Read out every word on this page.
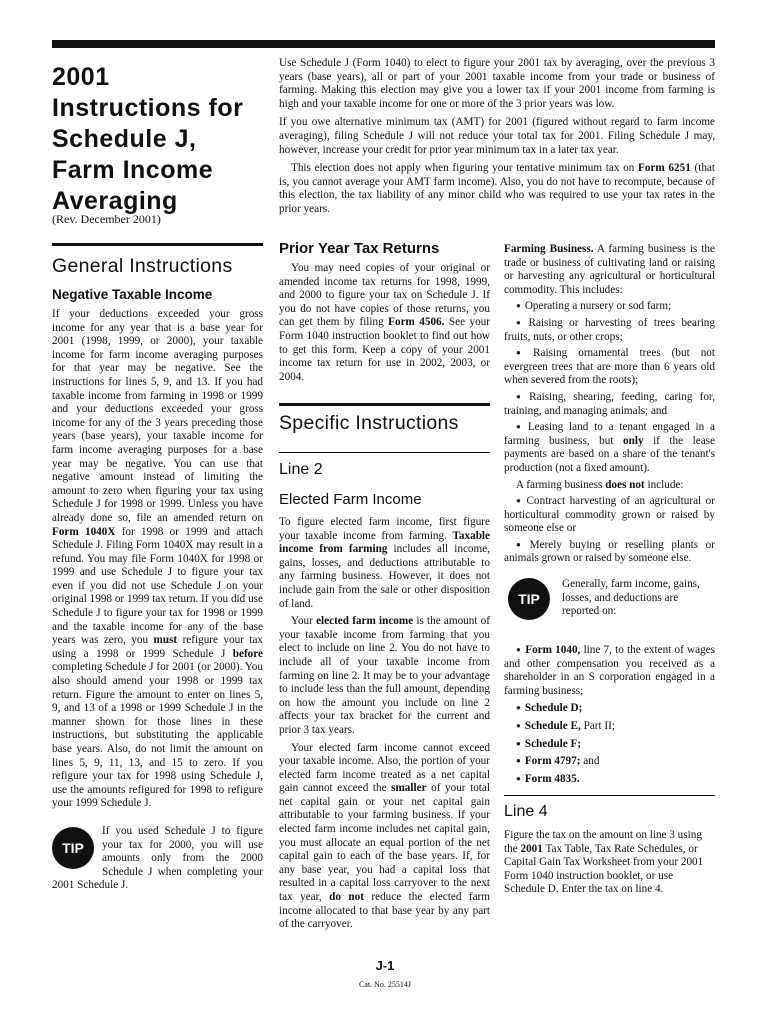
2001
Instructions for
Schedule J,
Farm Income
Averaging
(Rev. December 2001)

Use Schedule J (Form 1040) to elect to figure your 2001 tax by averaging, over the previous 3 years (base years), all or part of your 2001 taxable income from your trade or business of farming. Making this election may give you a lower tax if your 2001 income from farming is high and your taxable income for one or more of the 3 prior years was low.

If you owe alternative minimum tax (AMT) for 2001 (figured without regard to farm income averaging), filing Schedule J will not reduce your total tax for 2001. Filing Schedule J may, however, increase your credit for prior year minimum tax in a later tax year.

This election does not apply when figuring your tentative minimum tax on Form 6251 (that is, you cannot average your AMT farm income). Also, you do not have to recompute, because of this election, the tax liability of any minor child who was required to use your tax rates in the prior years.

General Instructions
Negative Taxable Income

If your deductions exceeded your gross income for any year that is a base year for 2001 (1998, 1999, or 2000), your taxable income for farm income averaging purposes for that year may be negative. See the instructions for lines 5, 9, and 13. If you had taxable income from farming in 1998 or 1999 and your deductions exceeded your gross income for any of the 3 years preceding those years (base years), your taxable income for farm income averaging purposes for a base year may be negative. You can use that negative amount instead of limiting the amount to zero when figuring your tax using Schedule J for 1998 or 1999. Unless you have already done so, file an amended return on Form 1040X for 1998 or 1999 and attach Schedule J. Filing Form 1040X may result in a refund. You may file Form 1040X for 1998 or 1999 and use Schedule J to figure your tax even if you did not use Schedule J on your original 1998 or 1999 tax return. If you did use Schedule J to figure your tax for 1998 or 1999 and the taxable income for any of the base years was zero, you must refigure your tax using a 1998 or 1999 Schedule J before completing Schedule J for 2001 (or 2000). You also should amend your 1998 or 1999 tax return. Figure the amount to enter on lines 5, 9, and 13 of a 1998 or 1999 Schedule J in the manner shown for those lines in these instructions, but substituting the applicable base years. Also, do not limit the amount on lines 5, 9, 11, 13, and 15 to zero. If you refigure your tax for 1998 using Schedule J, use the amounts refigured for 1998 to refigure your 1999 Schedule J.

TIP

If you used Schedule J to figure your tax for 2000, you will use amounts only from the 2000 Schedule J when completing your 2001 Schedule J.

Prior Year Tax Returns

You may need copies of your original or amended income tax returns for 1998, 1999, and 2000 to figure your tax on Schedule J. If you do not have copies of those returns, you can get them by filing Form 4506. See your Form 1040 instruction booklet to find out how to get this form. Keep a copy of your 2001 income tax return for use in 2002, 2003, or 2004.

Specific Instructions
Line 2
Elected Farm Income

To figure elected farm income, first figure your taxable income from farming. Taxable income from farming includes all income, gains, losses, and deductions attributable to any farming business. However, it does not include gain from the sale or other disposition of land.

Your elected farm income is the amount of your taxable income from farming that you elect to include on line 2. You do not have to include all of your taxable income from farming on line 2. It may be to your advantage to include less than the full amount, depending on how the amount you include on line 2 affects your tax bracket for the current and prior 3 tax years.

Your elected farm income cannot exceed your taxable income. Also, the portion of your elected farm income treated as a net capital gain cannot exceed the smaller of your total net capital gain or your net capital gain attributable to your farming business. If your elected farm income includes net capital gain, you must allocate an equal portion of the net capital gain to each of the base years. If, for any base year, you had a capital loss that resulted in a capital loss carryover to the next tax year, do not reduce the elected farm income allocated to that base year by any part of the carryover.

Farming Business. A farming business is the trade or business of cultivating land or raising or harvesting any agricultural or horticultural commodity. This includes:

● Operating a nursery or sod farm;

● Raising or harvesting of trees bearing fruits, nuts, or other crops;

● Raising ornamental trees (but not evergreen trees that are more than 6 years old when severed from the roots);

● Raising, shearing, feeding, caring for, training, and managing animals; and

● Leasing land to a tenant engaged in a farming business, but only if the lease payments are based on a share of the tenant's production (not a fixed amount).

A farming business does not include:

● Contract harvesting of an agricultural or horticultural commodity grown or raised by someone else or

● Merely buying or reselling plants or animals grown or raised by someone else.

TIP

Generally, farm income, gains, losses, and deductions are reported on:

● Form 1040, line 7, to the extent of wages and other compensation you received as a shareholder in an S corporation engaged in a farming business;

● Schedule D;

● Schedule E, Part II;

● Schedule F;

● Form 4797; and

● Form 4835.

Line 4

Figure the tax on the amount on line 3 using the 2001 Tax Table, Tax Rate Schedules, or Capital Gain Tax Worksheet from your 2001 Form 1040 instruction booklet, or use Schedule D. Enter the tax on line 4.

J-1
Cat. No. 25514J
